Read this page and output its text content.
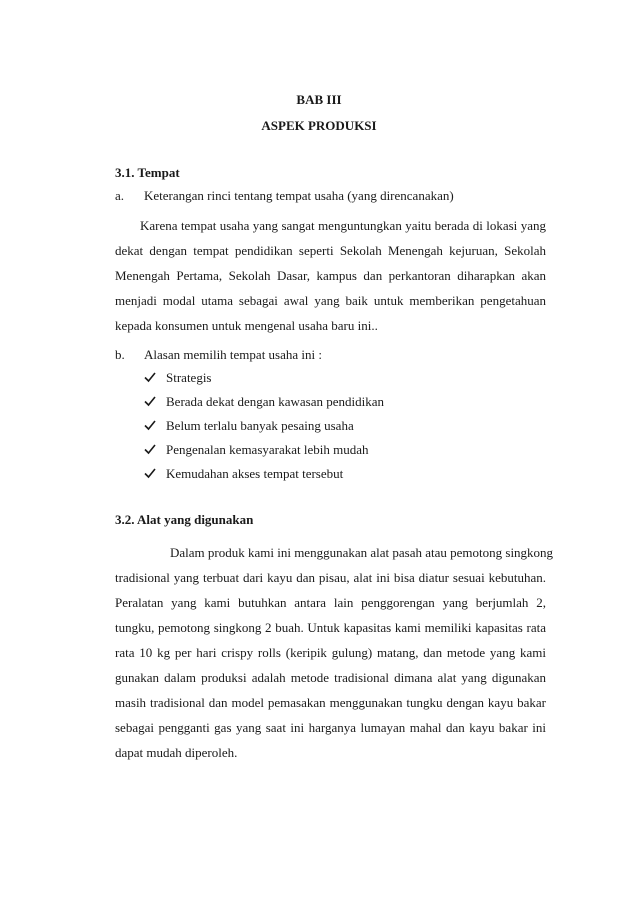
BAB III
ASPEK PRODUKSI
3.1. Tempat
a. Keterangan rinci tentang tempat usaha (yang direncanakan)
Karena tempat usaha yang sangat menguntungkan yaitu berada di lokasi yang
dekat dengan tempat pendidikan seperti Sekolah Menengah kejuruan, Sekolah
Menengah Pertama, Sekolah Dasar, kampus dan perkantoran diharapkan akan
menjadi modal utama sebagai awal yang baik untuk memberikan pengetahuan
kepada konsumen untuk mengenal usaha baru ini..
b. Alasan memilih tempat usaha ini :
Strategis
Berada dekat dengan kawasan pendidikan
Belum terlalu banyak pesaing usaha
Pengenalan kemasyarakat lebih mudah
Kemudahan akses tempat tersebut
3.2. Alat yang digunakan
Dalam produk kami ini menggunakan alat pasah atau pemotong singkong
tradisional yang terbuat dari kayu dan pisau, alat ini bisa diatur sesuai kebutuhan.
Peralatan yang kami butuhkan antara lain penggorengan yang berjumlah 2,
tungku, pemotong singkong 2 buah. Untuk kapasitas kami memiliki kapasitas rata
rata 10 kg per hari crispy rolls (keripik gulung) matang, dan metode yang kami
gunakan dalam produksi adalah metode tradisional dimana alat yang digunakan
masih tradisional dan model pemasakan menggunakan tungku dengan kayu bakar
sebagai pengganti gas yang saat ini harganya lumayan mahal dan kayu bakar ini
dapat mudah diperoleh.
